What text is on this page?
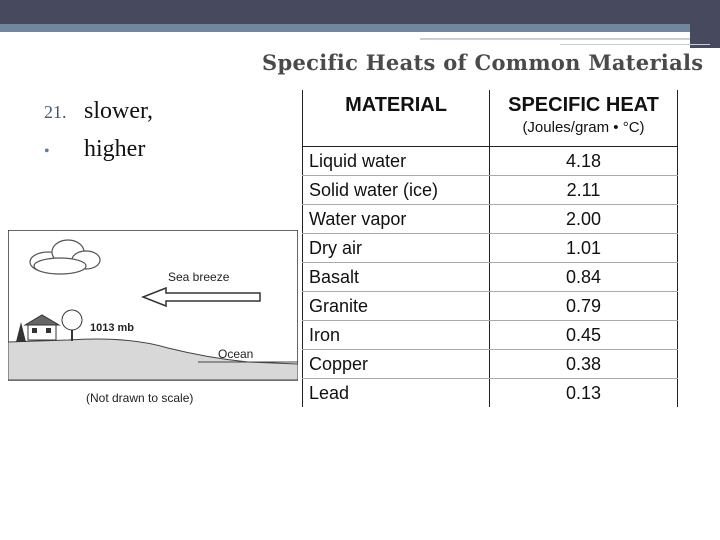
Specific Heats of Common Materials
21. slower,
•	higher
Sea breeze
1013 mb
Ocean
(Not drawn to scale)
MATERIAL	SPECIFIC HEAT
(Joules/gram • °C)

Liquid water	4.18
Solid water (ice)	2.11
Water vapor	2.00
Dry air	1.01
Basalt	0.84
Granite	0.79
Iron	0.45
Copper	0.38
Lead	0.13
